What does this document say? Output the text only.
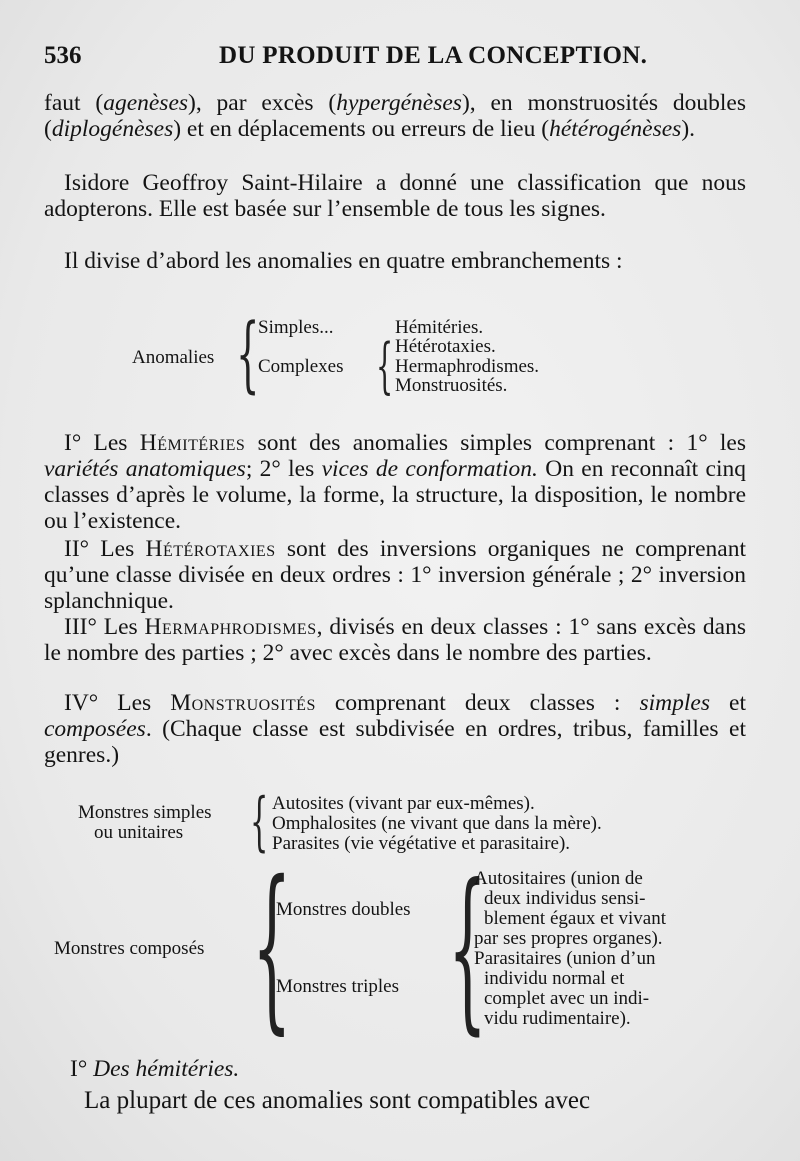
536	DU PRODUIT DE LA CONCEPTION.

faut (agenèses), par excès (hypergénèses), en monstruosités doubles (diplogénèses) et en déplacements ou erreurs de lieu (hétérogénèses).

Isidore Geoffroy Saint-Hilaire a donné une classification que nous adopterons. Elle est basée sur l’ensemble de tous les signes.

Il divise d’abord les anomalies en quatre embranchements :

Anomalies {
Simples...
Complexes
Hémitéries.
{ Hétérotaxies.
Hermaphrodismes.
Monstruosités.

I° Les Hémitéries sont des anomalies simples comprenant : 1° les variétés anatomiques; 2° les vices de conformation. On en reconnaît cinq classes d’après le volume, la forme, la structure, la disposition, le nombre ou l’existence.

II° Les Hétérotaxies sont des inversions organiques ne comprenant qu’une classe divisée en deux ordres : 1° inversion générale ; 2° inversion splanchnique.

III° Les Hermaphrodismes, divisés en deux classes : 1° sans excès dans le nombre des parties ; 2° avec excès dans le nombre des parties.

IV° Les Monstruosités comprenant deux classes : simples et composées. (Chaque classe est subdivisée en ordres, tribus, familles et genres.)

Monstres simples
ou unitaires { Autosites (vivant par eux-mêmes).
Omphalosites (ne vivant que dans la mère).
Parasites (vie végétative et parasitaire).
Monstres composés {
Monstres doubles
Monstres triples {
Autositaires (union de
deux individus sensi-
blement égaux et vivant
par ses propres organes).
Parasitaires (union d’un
individu normal et
complet avec un indi-
vidu rudimentaire).

I° Des hémitéries.

La plupart de ces anomalies sont compatibles avec
